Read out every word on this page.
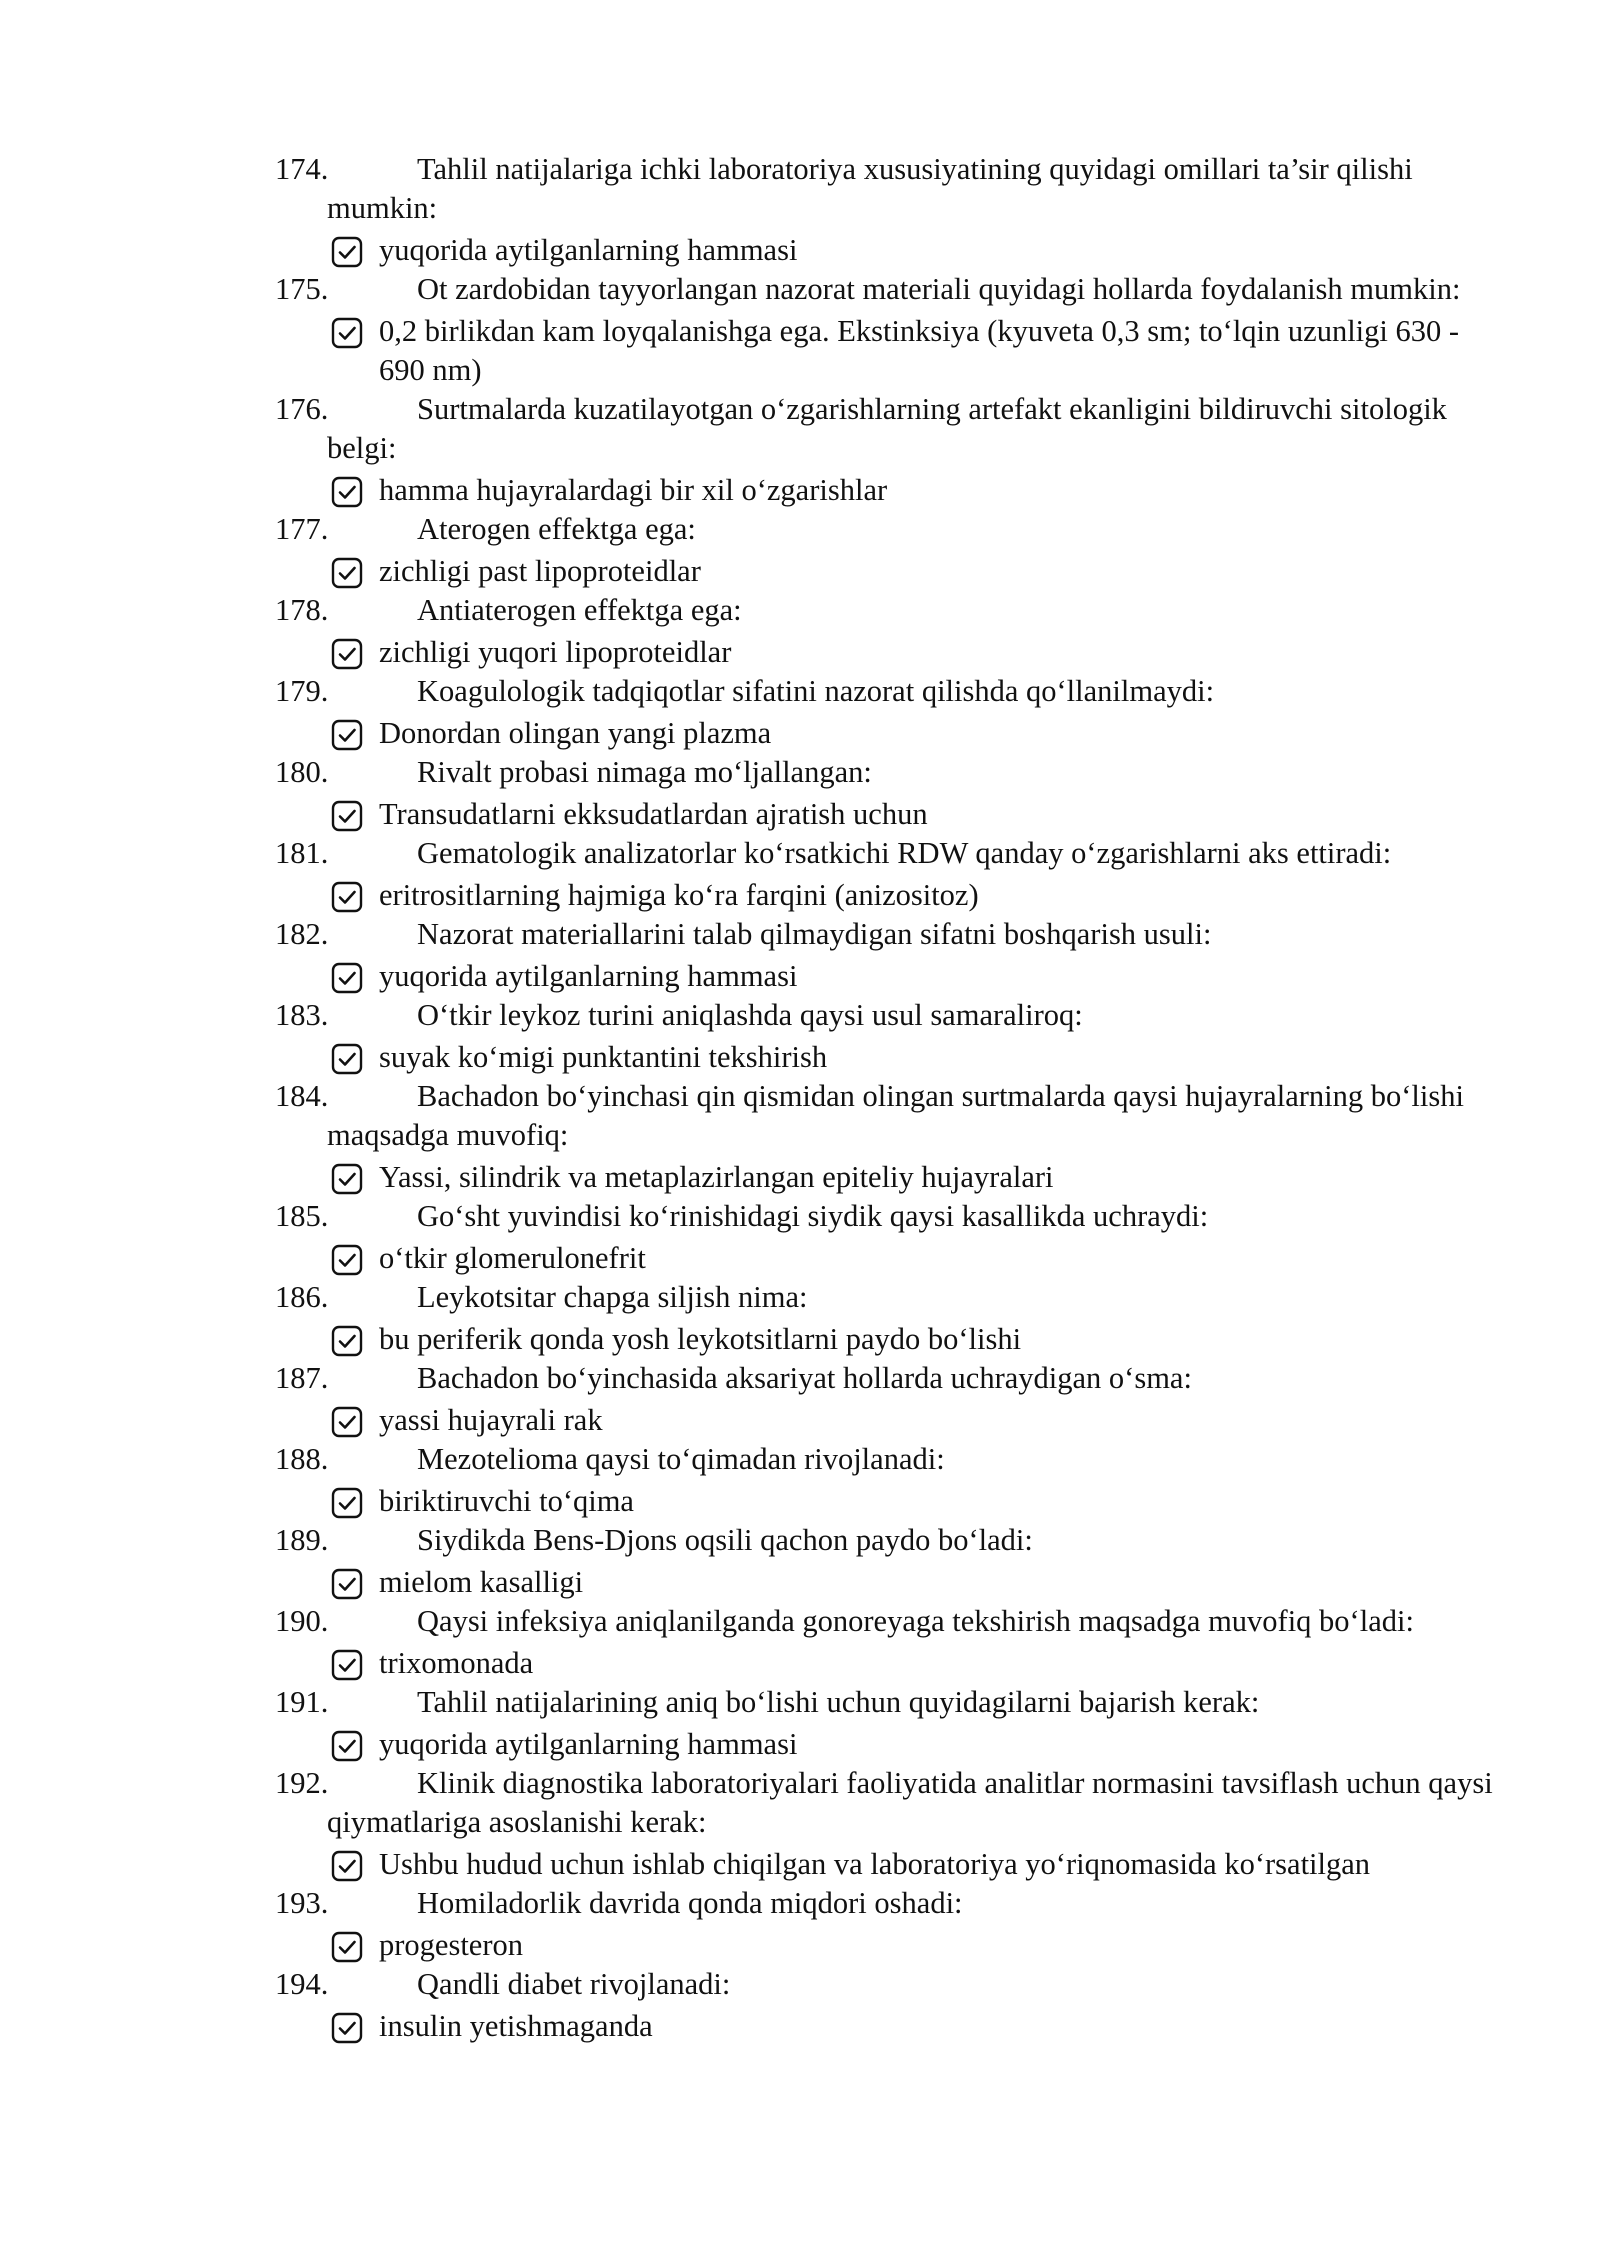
174.	Tahlil natijalariga ichki laboratoriya xususiyatining quyidagi omillari ta’sir qilishi mumkin:
yuqorida aytilganlarning hammasi
175.	Ot zardobidan tayyorlangan nazorat materiali quyidagi hollarda foydalanish mumkin:
0,2 birlikdan kam loyqalanishga ega. Ekstinksiya (kyuveta 0,3 sm; to‘lqin uzunligi 630 - 690 nm)
176.	Surtmalarda kuzatilayotgan o‘zgarishlarning artefakt ekanligini bildiruvchi sitologik belgi:
hamma hujayralardagi bir xil o‘zgarishlar
177.	Aterogen effektga ega:
zichligi past lipoproteidlar
178.	Antiaterogen effektga ega:
zichligi yuqori lipoproteidlar
179.	Koagulologik tadqiqotlar sifatini nazorat qilishda qo‘llanilmaydi:
Donordan olingan yangi plazma
180.	Rivalt probasi nimaga mo‘ljallangan:
Transudatlarni ekksudatlardan ajratish uchun
181.	Gematologik analizatorlar ko‘rsatkichi RDW qanday o‘zgarishlarni aks ettiradi:
eritrositlarning hajmiga ko‘ra farqini (anizositoz)
182.	Nazorat materiallarini talab qilmaydigan sifatni boshqarish usuli:
yuqorida aytilganlarning hammasi
183.	O‘tkir leykoz turini aniqlashda qaysi usul samaraliroq:
suyak ko‘migi punktantini tekshirish
184.	Bachadon bo‘yinchasi qin qismidan olingan surtmalarda qaysi hujayralarning bo‘lishi maqsadga muvofiq:
Yassi, silindrik va metaplazirlangan epiteliy hujayralari
185.	Go‘sht yuvindisi ko‘rinishidagi siydik qaysi kasallikda uchraydi:
o‘tkir glomerulonefrit
186.	Leykotsitar chapga siljish nima:
bu periferik qonda yosh leykotsitlarni paydo bo‘lishi
187.	Bachadon bo‘yinchasida aksariyat hollarda uchraydigan o‘sma:
yassi hujayrali rak
188.	Mezotelioma qaysi to‘qimadan rivojlanadi:
biriktiruvchi to‘qima
189.	Siydikda Bens-Djons oqsili qachon paydo bo‘ladi:
mielom kasalligi
190.	Qaysi infeksiya aniqlanilganda gonoreyaga tekshirish maqsadga muvofiq bo‘ladi:
trixomonada
191.	Tahlil natijalarining aniq bo‘lishi uchun quyidagilarni bajarish kerak:
yuqorida aytilganlarning hammasi
192.	Klinik diagnostika laboratoriyalari faoliyatida analitlar normasini tavsiflash uchun qaysi qiymatlariga asoslanishi kerak:
Ushbu hudud uchun ishlab chiqilgan va laboratoriya yo‘riqnomasida ko‘rsatilgan
193.	Homiladorlik davrida qonda miqdori oshadi:
progesteron
194.	Qandli diabet rivojlanadi:
insulin yetishmaganda
